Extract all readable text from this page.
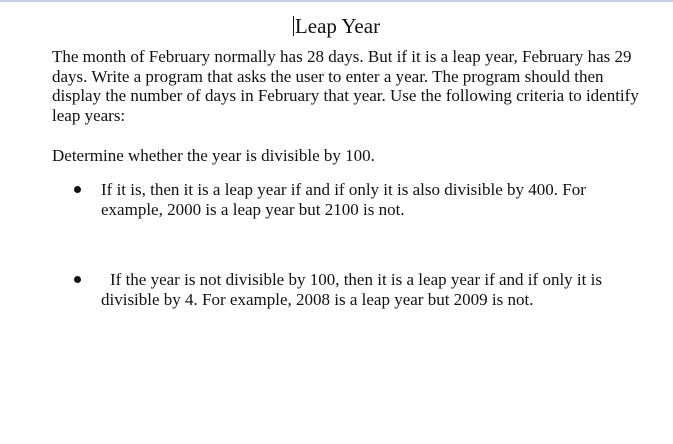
Leap Year
The month of February normally has 28 days. But if it is a leap year, February has 29 days. Write a program that asks the user to enter a year. The program should then display the number of days in February that year. Use the following criteria to identify leap years:
Determine whether the year is divisible by 100.
If it is, then it is a leap year if and if only it is also divisible by 400. For example, 2000 is a leap year but 2100 is not.
If the year is not divisible by 100, then it is a leap year if and if only it is divisible by 4. For example, 2008 is a leap year but 2009 is not.
